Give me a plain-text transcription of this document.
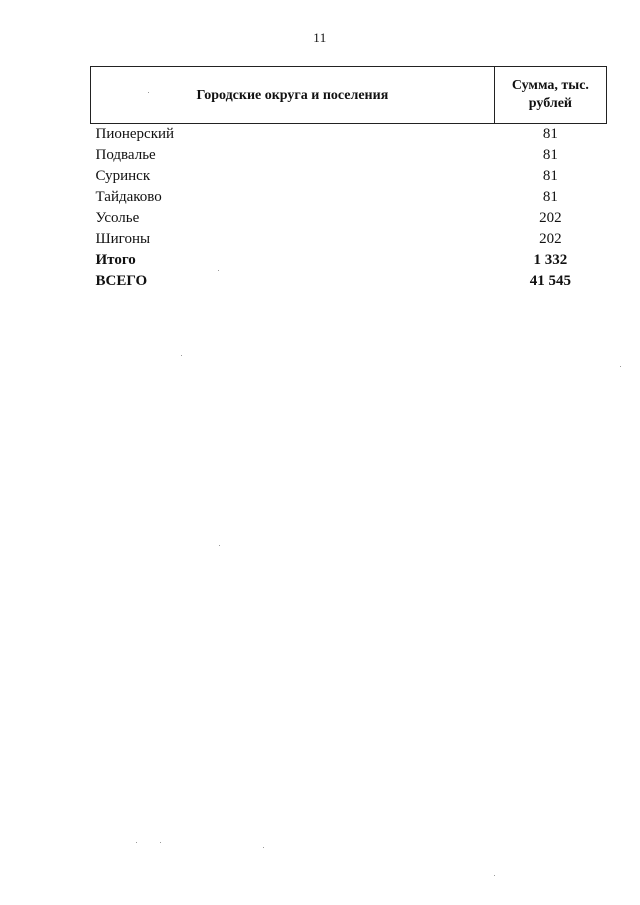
11
Городские округа и поселения	Сумма, тыс. рублей
Пионерский	81
Подвалье	81
Суринск	81
Тайдаково	81
Усолье	202
Шигоны	202
Итого	1 332
ВСЕГО	41 545
